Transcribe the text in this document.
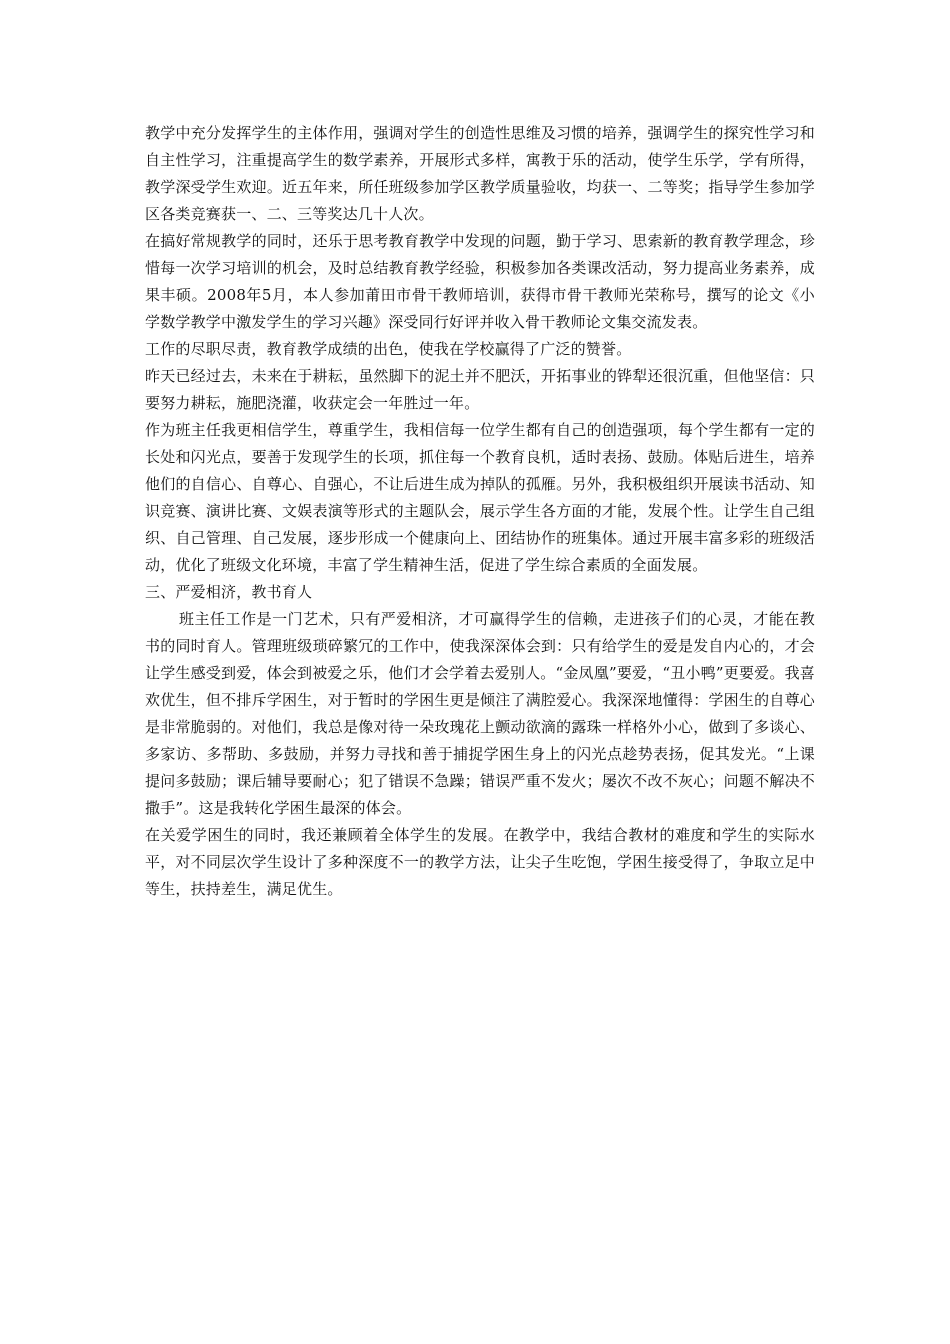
教学中充分发挥学生的主体作用，强调对学生的创造性思维及习惯的培养，强调学生的探究性学习和自主性学习，注重提高学生的数学素养，开展形式多样，寓教于乐的活动，使学生乐学，学有所得，教学深受学生欢迎。近五年来，所任班级参加学区教学质量验收，均获一、二等奖；指导学生参加学区各类竞赛获一、二、三等奖达几十人次。

在搞好常规教学的同时，还乐于思考教育教学中发现的问题，勤于学习、思索新的教育教学理念，珍惜每一次学习培训的机会，及时总结教育教学经验，积极参加各类课改活动，努力提高业务素养，成果丰硕。2008年5月，本人参加莆田市骨干教师培训，获得市骨干教师光荣称号，撰写的论文《小学数学教学中激发学生的学习兴趣》深受同行好评并收入骨干教师论文集交流发表。

工作的尽职尽责，教育教学成绩的出色，使我在学校赢得了广泛的赞誉。

昨天已经过去，未来在于耕耘，虽然脚下的泥土并不肥沃，开拓事业的铧犁还很沉重，但他坚信：只要努力耕耘，施肥浇灌，收获定会一年胜过一年。

作为班主任我更相信学生，尊重学生，我相信每一位学生都有自己的创造强项，每个学生都有一定的长处和闪光点，要善于发现学生的长项，抓住每一个教育良机，适时表扬、鼓励。体贴后进生，培养他们的自信心、自尊心、自强心，不让后进生成为掉队的孤雁。另外，我积极组织开展读书活动、知识竞赛、演讲比赛、文娱表演等形式的主题队会，展示学生各方面的才能，发展个性。让学生自己组织、自己管理、自己发展，逐步形成一个健康向上、团结协作的班集体。通过开展丰富多彩的班级活动，优化了班级文化环境，丰富了学生精神生活，促进了学生综合素质的全面发展。

三、严爱相济，教书育人

班主任工作是一门艺术，只有严爱相济，才可赢得学生的信赖，走进孩子们的心灵，才能在教书的同时育人。管理班级琐碎繁冗的工作中，使我深深体会到：只有给学生的爱是发自内心的，才会让学生感受到爱，体会到被爱之乐，他们才会学着去爱别人。“金凤凰”要爱，“丑小鸭”更要爱。我喜欢优生，但不排斥学困生，对于暂时的学困生更是倾注了满腔爱心。我深深地懂得：学困生的自尊心是非常脆弱的。对他们，我总是像对待一朵玫瑰花上颤动欲滴的露珠一样格外小心，做到了多谈心、多家访、多帮助、多鼓励，并努力寻找和善于捕捉学困生身上的闪光点趁势表扬，促其发光。“上课提问多鼓励；课后辅导要耐心；犯了错误不急躁；错误严重不发火；屡次不改不灰心；问题不解决不撒手”。这是我转化学困生最深的体会。

在关爱学困生的同时，我还兼顾着全体学生的发展。在教学中，我结合教材的难度和学生的实际水平，对不同层次学生设计了多种深度不一的教学方法，让尖子生吃饱，学困生接受得了，争取立足中等生，扶持差生，满足优生。
